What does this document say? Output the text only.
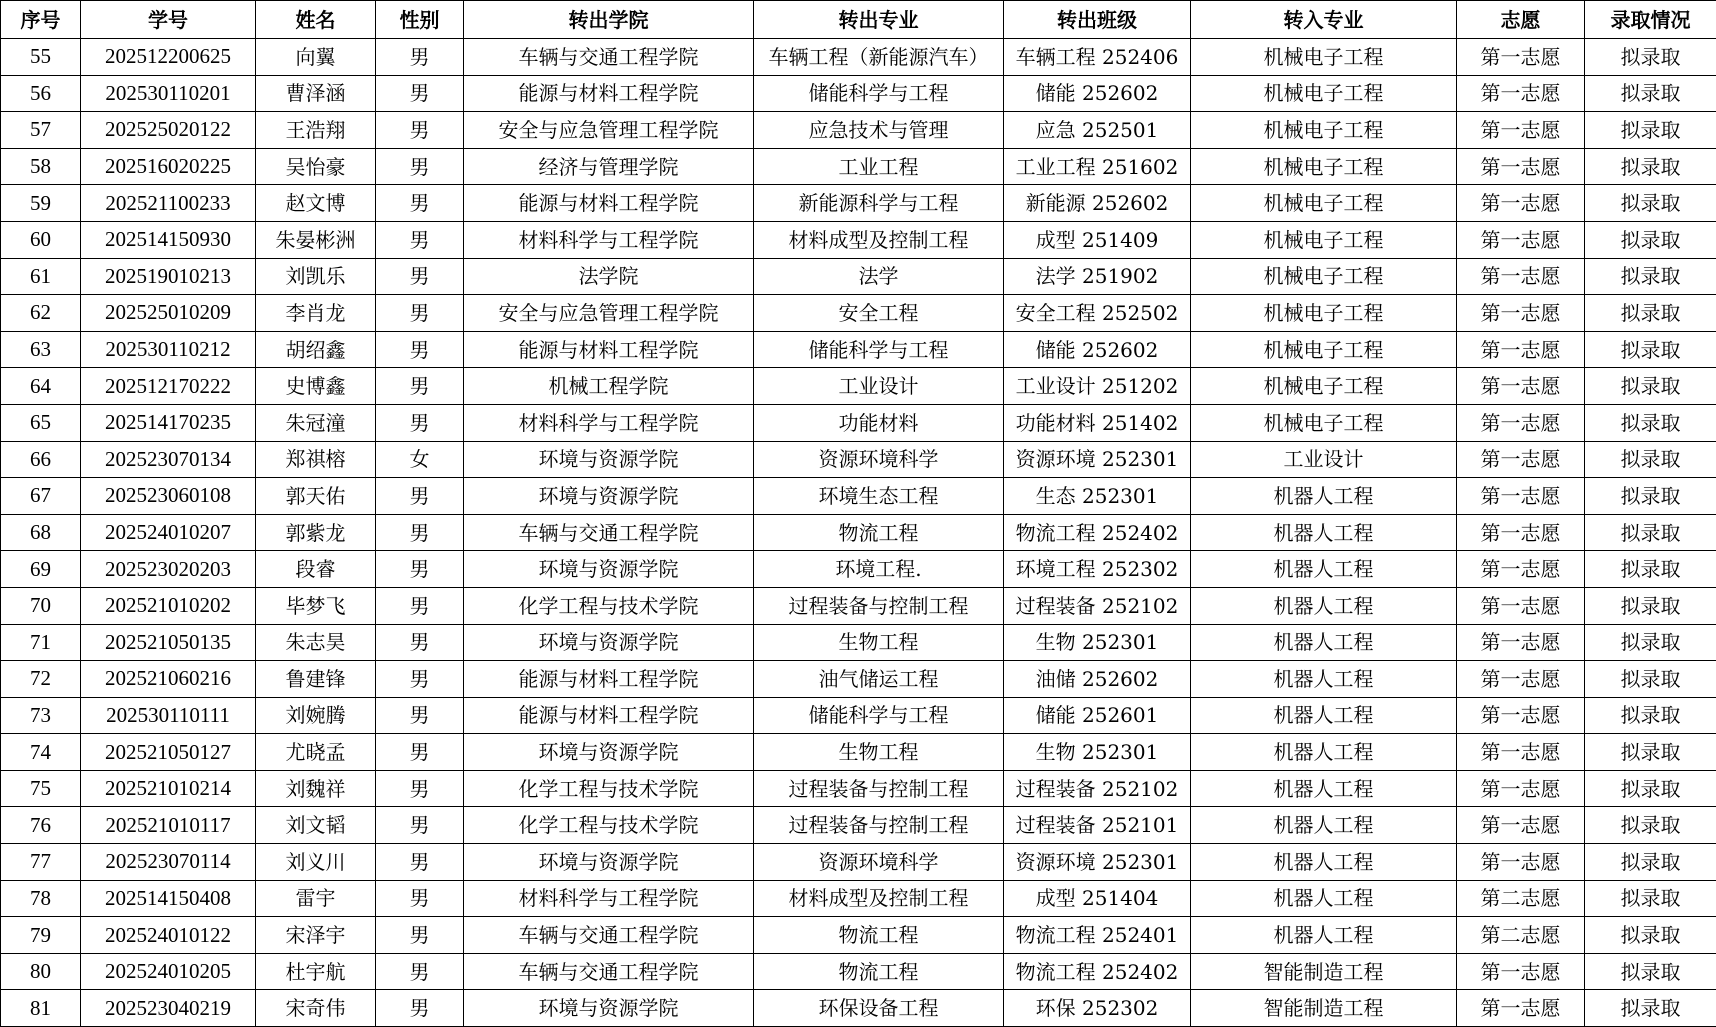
序号	学号	姓名	性别	转出学院	转出专业	转出班级	转入专业	志愿	录取情况
55	202512200625	向翼	男	车辆与交通工程学院	车辆工程（新能源汽车）	车辆工程 252406	机械电子工程	第一志愿	拟录取
56	202530110201	曹泽涵	男	能源与材料工程学院	储能科学与工程	储能 252602	机械电子工程	第一志愿	拟录取
57	202525020122	王浩翔	男	安全与应急管理工程学院	应急技术与管理	应急 252501	机械电子工程	第一志愿	拟录取
58	202516020225	吴怡豪	男	经济与管理学院	工业工程	工业工程 251602	机械电子工程	第一志愿	拟录取
59	202521100233	赵文博	男	能源与材料工程学院	新能源科学与工程	新能源 252602	机械电子工程	第一志愿	拟录取
60	202514150930	朱晏彬洲	男	材料科学与工程学院	材料成型及控制工程	成型 251409	机械电子工程	第一志愿	拟录取
61	202519010213	刘凯乐	男	法学院	法学	法学 251902	机械电子工程	第一志愿	拟录取
62	202525010209	李肖龙	男	安全与应急管理工程学院	安全工程	安全工程 252502	机械电子工程	第一志愿	拟录取
63	202530110212	胡绍鑫	男	能源与材料工程学院	储能科学与工程	储能 252602	机械电子工程	第一志愿	拟录取
64	202512170222	史博鑫	男	机械工程学院	工业设计	工业设计 251202	机械电子工程	第一志愿	拟录取
65	202514170235	朱冠潼	男	材料科学与工程学院	功能材料	功能材料 251402	机械电子工程	第一志愿	拟录取
66	202523070134	郑祺榕	女	环境与资源学院	资源环境科学	资源环境 252301	工业设计	第一志愿	拟录取
67	202523060108	郭天佑	男	环境与资源学院	环境生态工程	生态 252301	机器人工程	第一志愿	拟录取
68	202524010207	郭紫龙	男	车辆与交通工程学院	物流工程	物流工程 252402	机器人工程	第一志愿	拟录取
69	202523020203	段睿	男	环境与资源学院	环境工程.	环境工程 252302	机器人工程	第一志愿	拟录取
70	202521010202	毕梦飞	男	化学工程与技术学院	过程装备与控制工程	过程装备 252102	机器人工程	第一志愿	拟录取
71	202521050135	朱志昊	男	环境与资源学院	生物工程	生物 252301	机器人工程	第一志愿	拟录取
72	202521060216	鲁建锋	男	能源与材料工程学院	油气储运工程	油储 252602	机器人工程	第一志愿	拟录取
73	202530110111	刘婉腾	男	能源与材料工程学院	储能科学与工程	储能 252601	机器人工程	第一志愿	拟录取
74	202521050127	尤晓孟	男	环境与资源学院	生物工程	生物 252301	机器人工程	第一志愿	拟录取
75	202521010214	刘魏祥	男	化学工程与技术学院	过程装备与控制工程	过程装备 252102	机器人工程	第一志愿	拟录取
76	202521010117	刘文韬	男	化学工程与技术学院	过程装备与控制工程	过程装备 252101	机器人工程	第一志愿	拟录取
77	202523070114	刘义川	男	环境与资源学院	资源环境科学	资源环境 252301	机器人工程	第一志愿	拟录取
78	202514150408	雷宇	男	材料科学与工程学院	材料成型及控制工程	成型 251404	机器人工程	第二志愿	拟录取
79	202524010122	宋泽宇	男	车辆与交通工程学院	物流工程	物流工程 252401	机器人工程	第二志愿	拟录取
80	202524010205	杜宇航	男	车辆与交通工程学院	物流工程	物流工程 252402	智能制造工程	第一志愿	拟录取
81	202523040219	宋奇伟	男	环境与资源学院	环保设备工程	环保 252302	智能制造工程	第一志愿	拟录取
